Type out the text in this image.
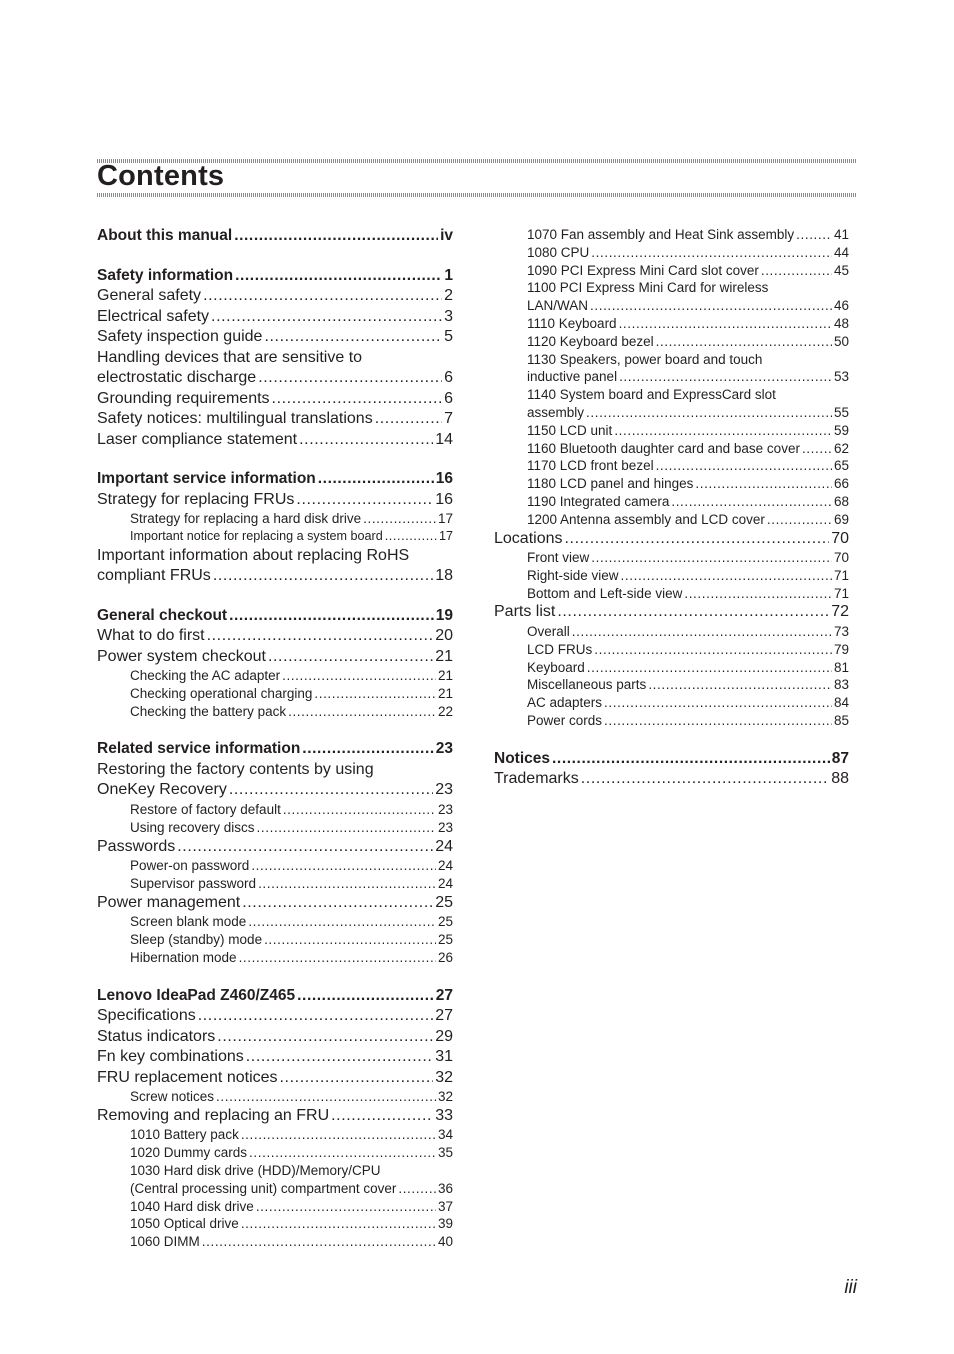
Contents
About this manual .....	iv
Safety information .....	1
General safety .....	2
Electrical safety .....	3
Safety inspection guide .....	5
Handling devices that are sensitive to
electrostatic discharge .....	6
Grounding requirements .....	6
Safety notices: multilingual translations .....	7
Laser compliance statement .....	14
Important service information .....	16
Strategy for replacing FRUs .....	16
Strategy for replacing a hard disk drive .....	17
Important notice for replacing a system board .....	17
Important information about replacing RoHS
compliant FRUs .....	18
General checkout .....	19
What to do first .....	20
Power system checkout .....	21
Checking the AC adapter .....	21
Checking operational charging .....	21
Checking the battery pack .....	22
Related service information .....	23
Restoring the factory contents by using
OneKey Recovery .....	23
Restore of factory default .....	23
Using recovery discs .....	23
Passwords .....	24
Power-on password .....	24
Supervisor password .....	24
Power management .....	25
Screen blank mode .....	25
Sleep (standby) mode .....	25
Hibernation mode .....	26
Lenovo IdeaPad Z460/Z465 .....	27
Specifications .....	27
Status indicators .....	29
Fn key combinations .....	31
FRU replacement notices .....	32
Screw notices .....	32
Removing and replacing an FRU .....	33
1010 Battery pack .....	34
1020 Dummy cards .....	35
1030 Hard disk drive (HDD)/Memory/CPU
(Central processing unit) compartment cover .....	36
1040 Hard disk drive .....	37
1050 Optical drive .....	39
1060 DIMM .....	40
1070 Fan assembly and Heat Sink assembly .....	41
1080 CPU .....	44
1090 PCI Express Mini Card slot cover .....	45
1100 PCI Express Mini Card for wireless
LAN/WAN .....	46
1110 Keyboard .....	48
1120 Keyboard bezel .....	50
1130 Speakers, power board and touch
inductive panel .....	53
1140 System board and ExpressCard slot
assembly .....	55
1150 LCD unit .....	59
1160 Bluetooth daughter card and base cover .....	62
1170 LCD front bezel .....	65
1180 LCD panel and hinges .....	66
1190 Integrated camera .....	68
1200 Antenna assembly and LCD cover .....	69
Locations .....	70
Front view .....	70
Right-side view .....	71
Bottom and Left-side view .....	71
Parts list .....	72
Overall .....	73
LCD FRUs .....	79
Keyboard .....	81
Miscellaneous parts .....	83
AC adapters .....	84
Power cords .....	85
Notices .....	87
Trademarks .....	88
iii
